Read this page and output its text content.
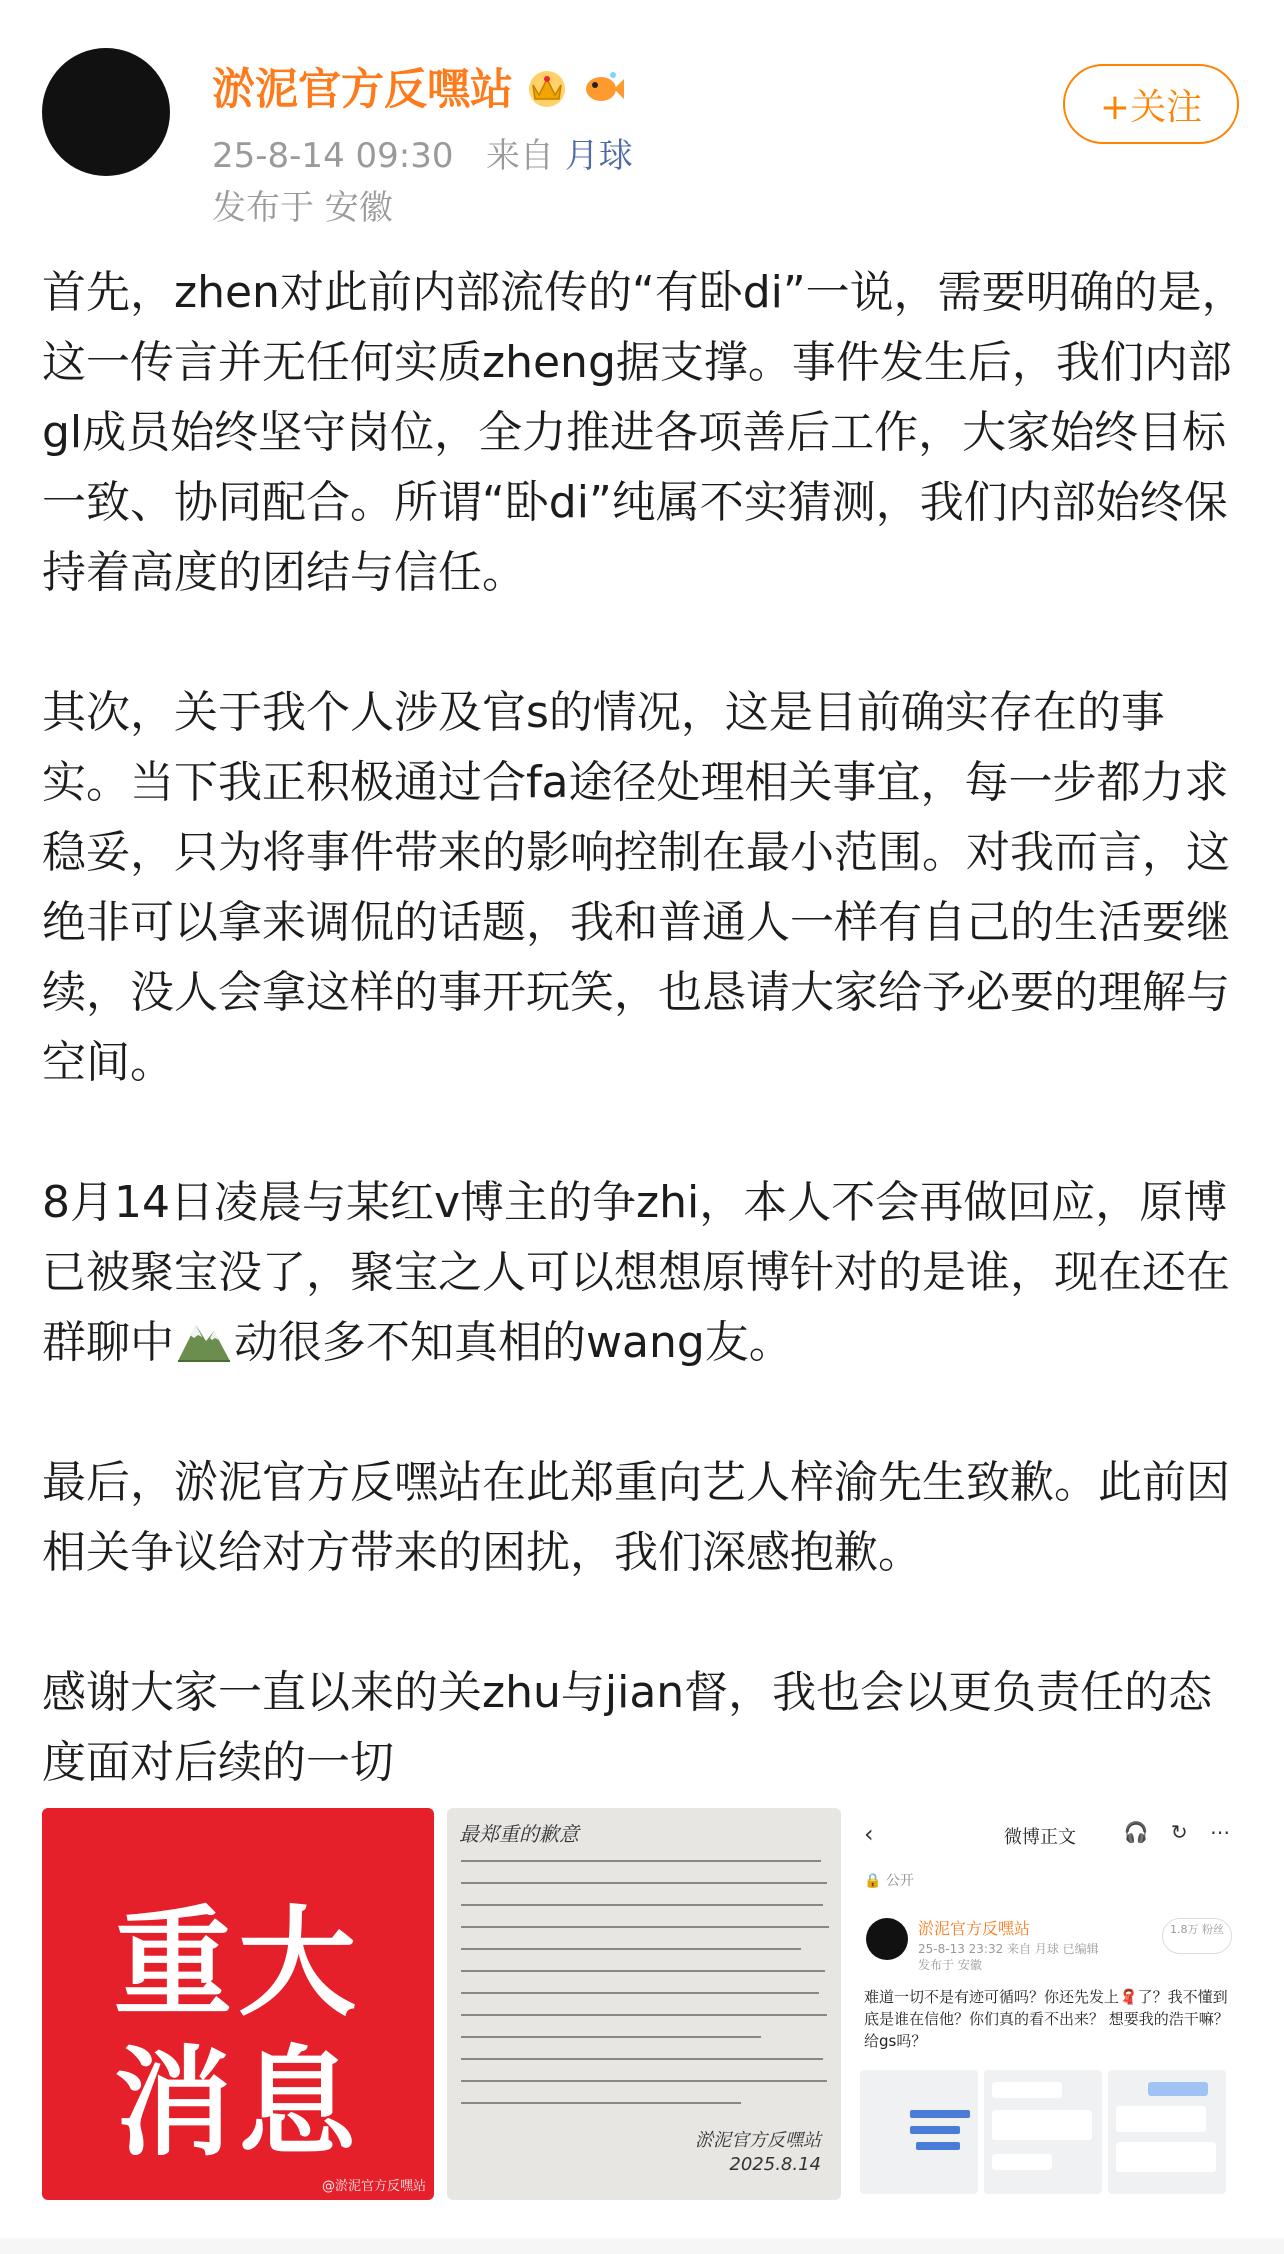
淤泥官方反嘿站
25-8-14 09:30 来自 月球
发布于 安徽
+关注

首先，zhen对此前内部流传的“有卧di”一说，需要明确的是，这一传言并无任何实质zheng据支撑。事件发生后，我们内部gl成员始终坚守岗位，全力推进各项善后工作，大家始终目标一致、协同配合。所谓“卧di”纯属不实猜测，我们内部始终保持着高度的团结与信任。

其次，关于我个人涉及官s的情况，这是目前确实存在的事实。当下我正积极通过合fa途径处理相关事宜，每一步都力求稳妥，只为将事件带来的影响控制在最小范围。对我而言，这绝非可以拿来调侃的话题，我和普通人一样有自己的生活要继续，没人会拿这样的事开玩笑，也恳请大家给予必要的理解与空间。

8月14日凌晨与某红v博主的争zhi，本人不会再做回应，原博已被聚宝没了，聚宝之人可以想想原博针对的是谁，现在还在群聊中 动很多不知真相的wang友。

最后，淤泥官方反嘿站在此郑重向艺人梓渝先生致歉。此前因相关争议给对方带来的困扰，我们深感抱歉。

感谢大家一直以来的关zhu与jian督，我也会以更负责任的态度面对后续的一切

重大
消息
@淤泥官方反嘿站
最郑重的歉意
淤泥官方反嘿站
2025.8.14
‹	微博正文 🎧 ↻ ⋯
🔒 公开
淤泥官方反嘿站
25-8-13 23:32 来自 月球 已编辑
发布于 安徽
1.8万 粉丝
难道一切不是有迹可循吗？你还先发上🧣了？我不懂到底是谁在信他？你们真的看不出来？ 想要我的浩干嘛？给gs吗？
